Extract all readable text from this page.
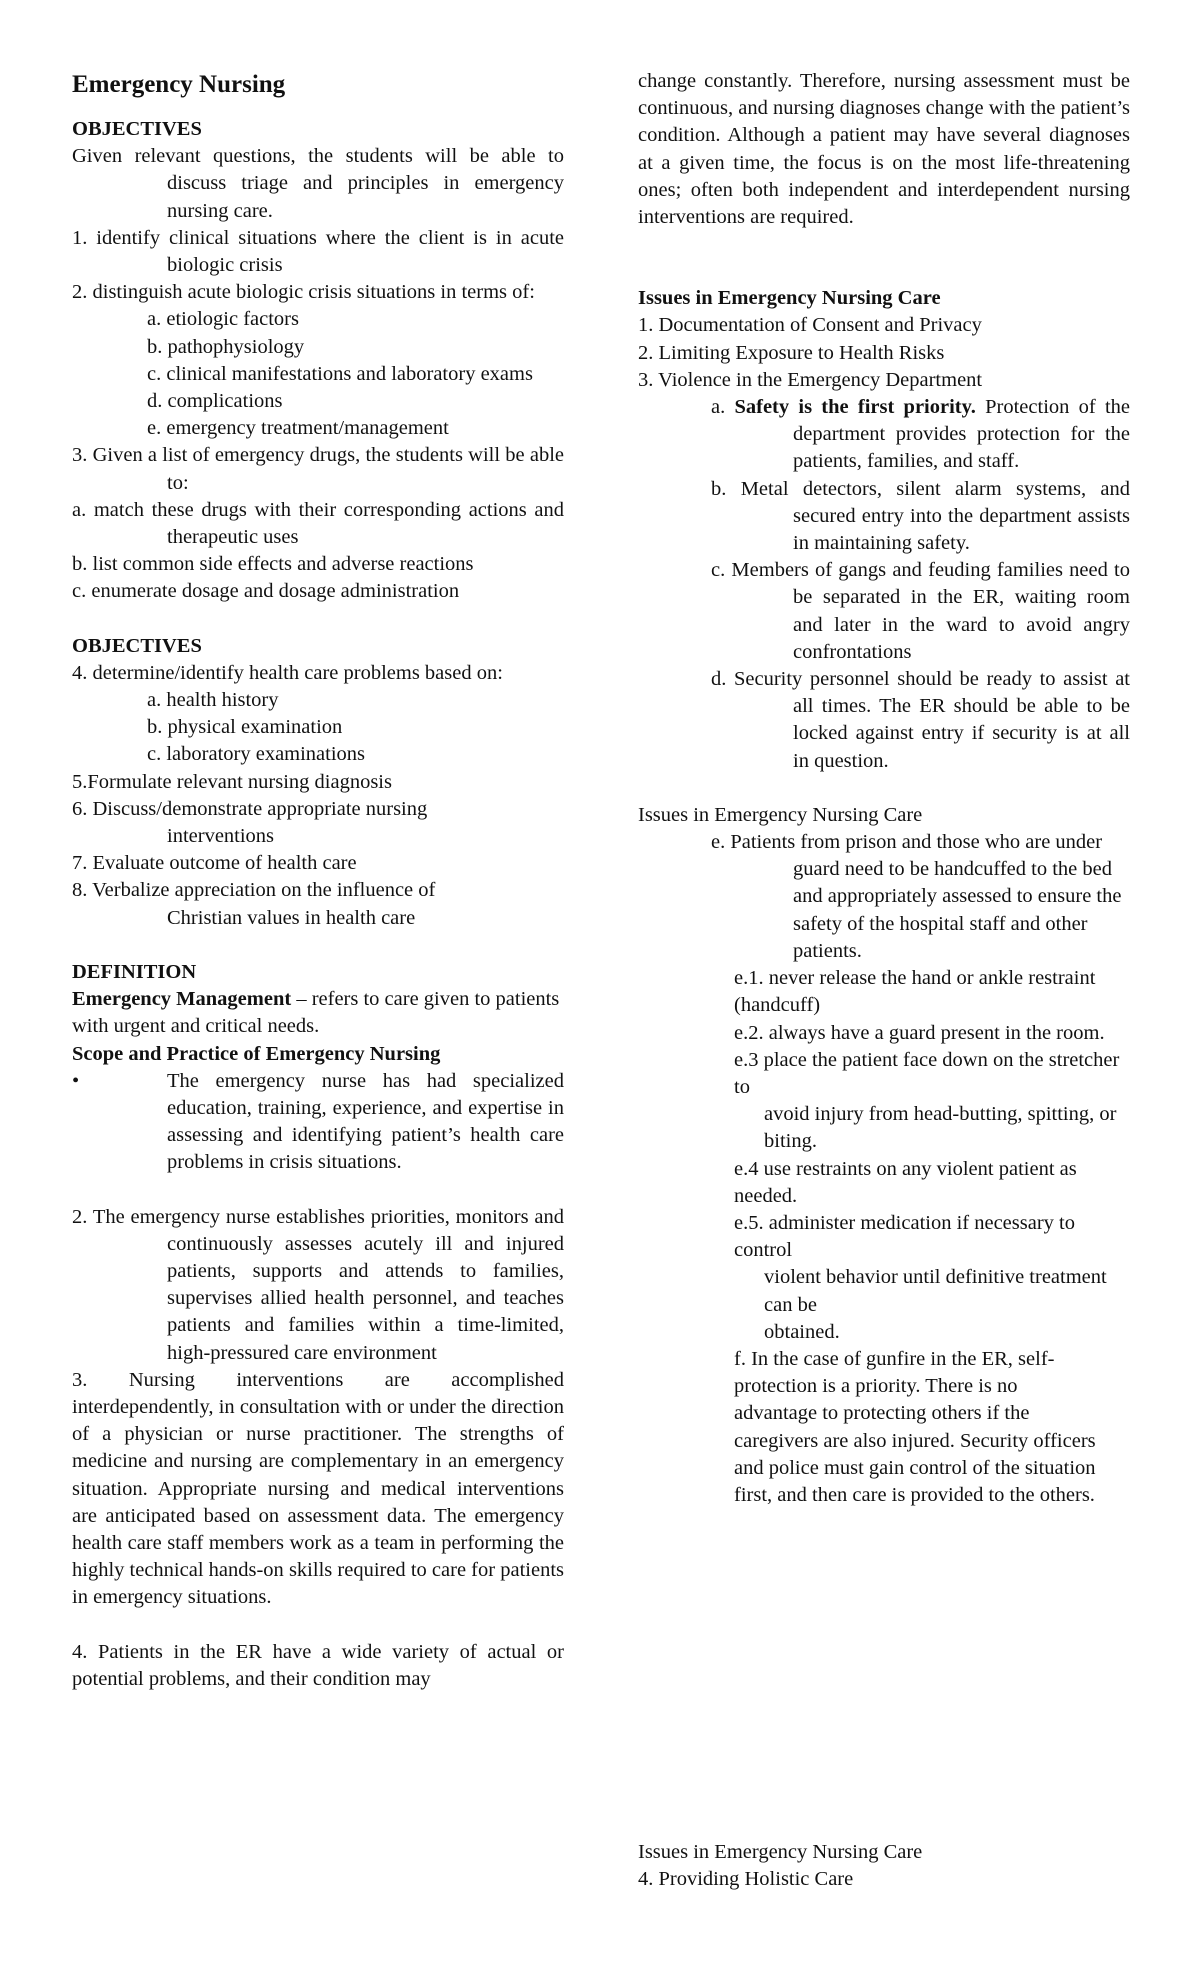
Emergency Nursing

OBJECTIVES

Given relevant questions, the students will be able to discuss triage and principles in emergency nursing care.

1. identify clinical situations where the client is in acute biologic crisis

2. distinguish acute biologic crisis situations in terms of:

a. etiologic factors

b. pathophysiology

c. clinical manifestations and laboratory exams

d. complications

e. emergency treatment/management

3. Given a list of emergency drugs, the students will be able to:

a. match these drugs with their corresponding actions and therapeutic uses

b. list common side effects and adverse reactions

c. enumerate dosage and dosage administration

OBJECTIVES

4. determine/identify health care problems based on:

a. health history

b. physical examination

c. laboratory examinations

5.Formulate relevant nursing diagnosis

6. Discuss/demonstrate appropriate nursing interventions

7. Evaluate outcome of health care

8. Verbalize appreciation on the influence of Christian values in health care

DEFINITION

Emergency Management – refers to care given to patients with urgent and critical needs.

Scope and Practice of Emergency Nursing

•	The emergency nurse has had specialized education, training, experience, and expertise in assessing and identifying patient’s health care problems in crisis situations.

2. The emergency nurse establishes priorities, monitors and continuously assesses acutely ill and injured patients, supports and attends to families, supervises allied health personnel, and teaches patients and families within a time-limited, high-pressured care environment

3. Nursing interventions are accomplished interdependently, in consultation with or under the direction of a physician or nurse practitioner. The strengths of medicine and nursing are complementary in an emergency situation. Appropriate nursing and medical interventions are anticipated based on assessment data. The emergency health care staff members work as a team in performing the highly technical hands-on skills required to care for patients in emergency situations.

4. Patients in the ER have a wide variety of actual or potential problems, and their condition may

change constantly. Therefore, nursing assessment must be continuous, and nursing diagnoses change with the patient’s condition. Although a patient may have several diagnoses at a given time, the focus is on the most life-threatening ones; often both independent and interdependent nursing interventions are required.

Issues in Emergency Nursing Care

1. Documentation of Consent and Privacy

2. Limiting Exposure to Health Risks

3. Violence in the Emergency Department

a. Safety is the first priority. Protection of the department provides protection for the patients, families, and staff.

b. Metal detectors, silent alarm systems, and secured entry into the department assists in maintaining safety.

c. Members of gangs and feuding families need to be separated in the ER, waiting room and later in the ward to avoid angry confrontations

d. Security personnel should be ready to assist at all times. The ER should be able to be locked against entry if security is at all in question.

Issues in Emergency Nursing Care

e. Patients from prison and those who are under guard need to be handcuffed to the bed and appropriately assessed to ensure the safety of the hospital staff and other patients.

e.1. never release the hand or ankle restraint (handcuff)

e.2. always have a guard present in the room.

e.3 place the patient face down on the stretcher to

avoid injury from head-butting, spitting, or biting.

e.4 use restraints on any violent patient as needed.

e.5. administer medication if necessary to control

violent behavior until definitive treatment can be

obtained.

f. In the case of gunfire in the ER, self-protection is a priority. There is no advantage to protecting others if the caregivers are also injured. Security officers and police must gain control of the situation first, and then care is provided to the others.

Issues in Emergency Nursing Care

4. Providing Holistic Care
